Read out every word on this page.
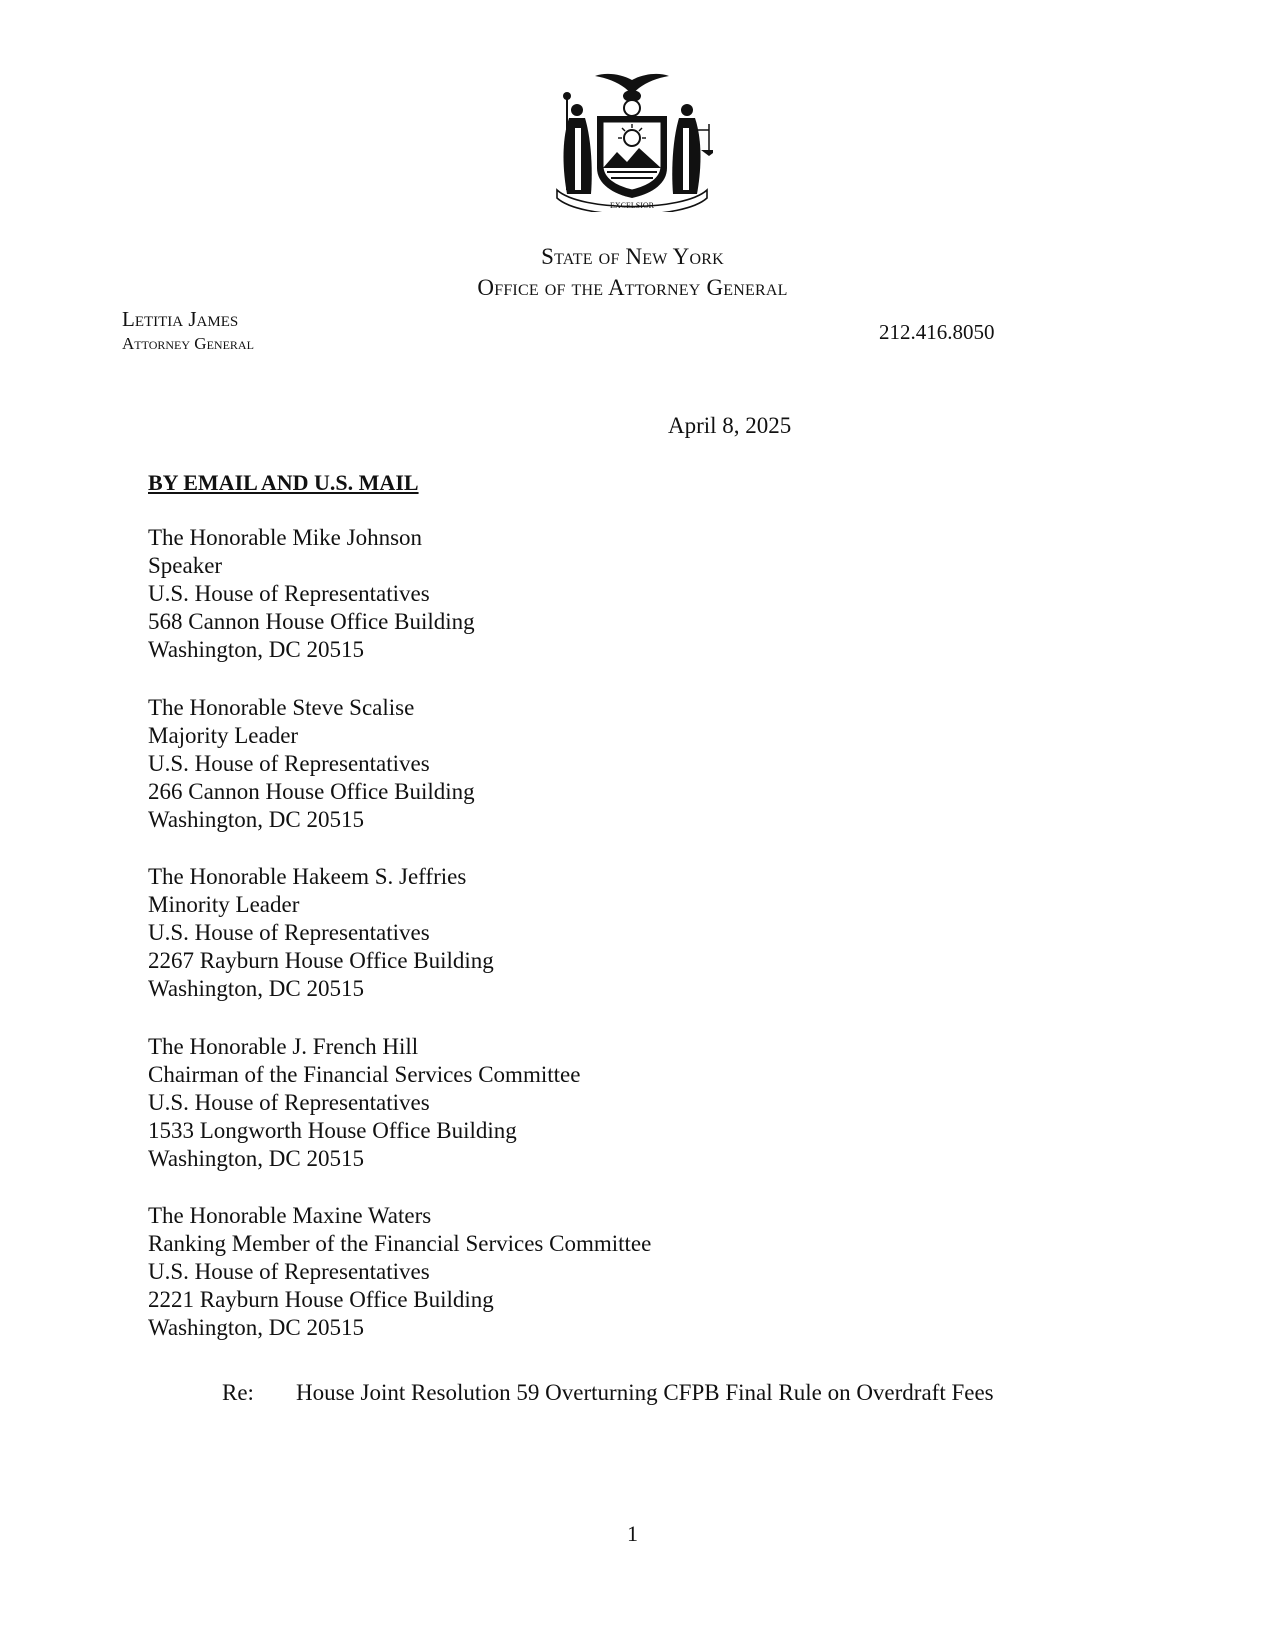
EXCELSIOR
State of New York
Office of the Attorney General
Letitia James
Attorney General	212.416.8050
April 8, 2025
BY EMAIL AND U.S. MAIL
The Honorable Mike Johnson
Speaker
U.S. House of Representatives
568 Cannon House Office Building
Washington, DC 20515
The Honorable Steve Scalise
Majority Leader
U.S. House of Representatives
266 Cannon House Office Building
Washington, DC 20515
The Honorable Hakeem S. Jeffries
Minority Leader
U.S. House of Representatives
2267 Rayburn House Office Building
Washington, DC 20515
The Honorable J. French Hill
Chairman of the Financial Services Committee
U.S. House of Representatives
1533 Longworth House Office Building
Washington, DC 20515
The Honorable Maxine Waters
Ranking Member of the Financial Services Committee
U.S. House of Representatives
2221 Rayburn House Office Building
Washington, DC 20515
Re: House Joint Resolution 59 Overturning CFPB Final Rule on Overdraft Fees
1
